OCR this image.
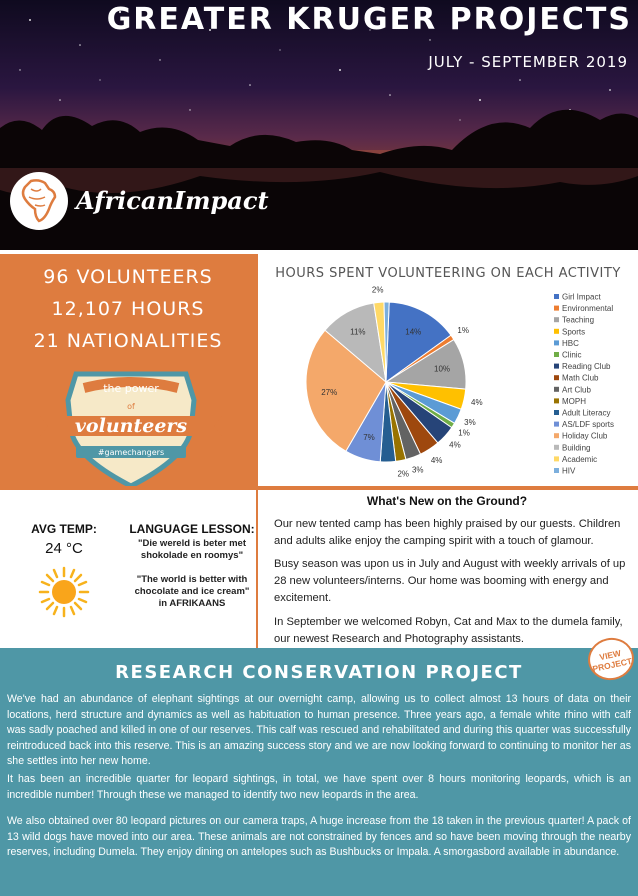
GREATER KRUGER PROJECTS
JULY - SEPTEMBER 2019
AfricanImpact
96 VOLUNTEERS
12,107 HOURS
21 NATIONALITIES
the power
of
volunteers
#gamechangers
HOURS SPENT VOLUNTEERING ON EACH ACTIVITY
14%	1%
10%
4%
3%
1%
4%
4%
3%
2%
7%
27%
11%
2%
Girl Impact
Environmental
Teaching
Sports
HBC
Clinic
Reading Club
Math Club
Art Club
MOPH
Adult Literacy
AS/LDF sports
Holiday Club
Building
Academic
HIV
AVG TEMP:
24 °C
LANGUAGE LESSON:
"Die wereld is beter met shokolade en roomys"
"The world is better with chocolate and ice cream" in AFRIKAANS
What's New on the Ground?

Our new tented camp has been highly praised by our guests. Children and adults alike enjoy the camping spirit with a touch of glamour.

Busy season was upon us in July and August with weekly arrivals of up 28 new volunteers/interns. Our home was booming with energy and excitement.

In September we welcomed Robyn, Cat and Max to the dumela family, our newest Research and Photography assistants.

RESEARCH CONSERVATION PROJECT

We've had an abundance of elephant sightings at our overnight camp, allowing us to collect almost 13 hours of data on their locations, herd structure and dynamics as well as habituation to human presence. Three years ago, a female white rhino with calf was sadly poached and killed in one of our reserves. This calf was rescued and rehabilitated and during this quarter was successfully reintroduced back into this reserve. This is an amazing success story and we are now looking forward to continuing to monitor her as she settles into her new home.

It has been an incredible quarter for leopard sightings, in total, we have spent over 8 hours monitoring leopards, which is an incredible number! Through these we managed to identify two new leopards in the area.

We also obtained over 80 leopard pictures on our camera traps, A huge increase from the 18 taken in the previous quarter! A pack of 13 wild dogs have moved into our area. These animals are not constrained by fences and so have been moving through the nearby reserves, including Dumela. They enjoy dining on antelopes such as Bushbucks or Impala. A smorgasbord available in abundance.

VIEW PROJECT
